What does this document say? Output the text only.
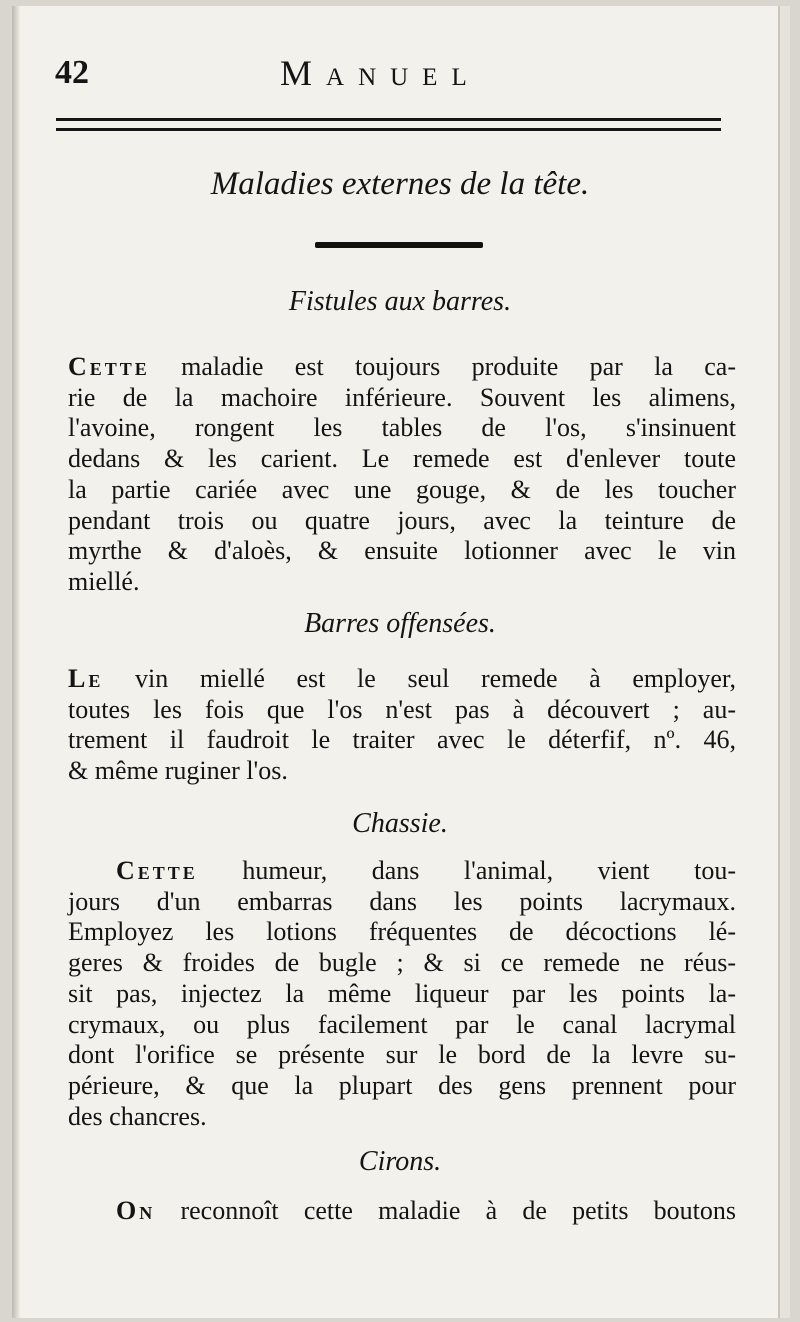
42	Manuel
Maladies externes de la tête.
Fistules aux barres.

Cette maladie est toujours produite par la ca-
rie de la machoire inférieure. Souvent les alimens,
l'avoine, rongent les tables de l'os, s'insinuent
dedans & les carient. Le remede est d'enlever toute
la partie cariée avec une gouge, & de les toucher
pendant trois ou quatre jours, avec la teinture de
myrthe & d'aloès, & ensuite lotionner avec le vin
miellé.

Barres offensées.

Le vin miellé est le seul remede à employer,
toutes les fois que l'os n'est pas à découvert ; au-
trement il faudroit le traiter avec le déterfif, nº. 46,
& même ruginer l'os.

Chassie.

Cette humeur, dans l'animal, vient tou-
jours d'un embarras dans les points lacrymaux.
Employez les lotions fréquentes de décoctions lé-
geres & froides de bugle ; & si ce remede ne réus-
sit pas, injectez la même liqueur par les points la-
crymaux, ou plus facilement par le canal lacrymal
dont l'orifice se présente sur le bord de la levre su-
périeure, & que la plupart des gens prennent pour
des chancres.

Cirons.

On reconnoît cette maladie à de petits boutons
